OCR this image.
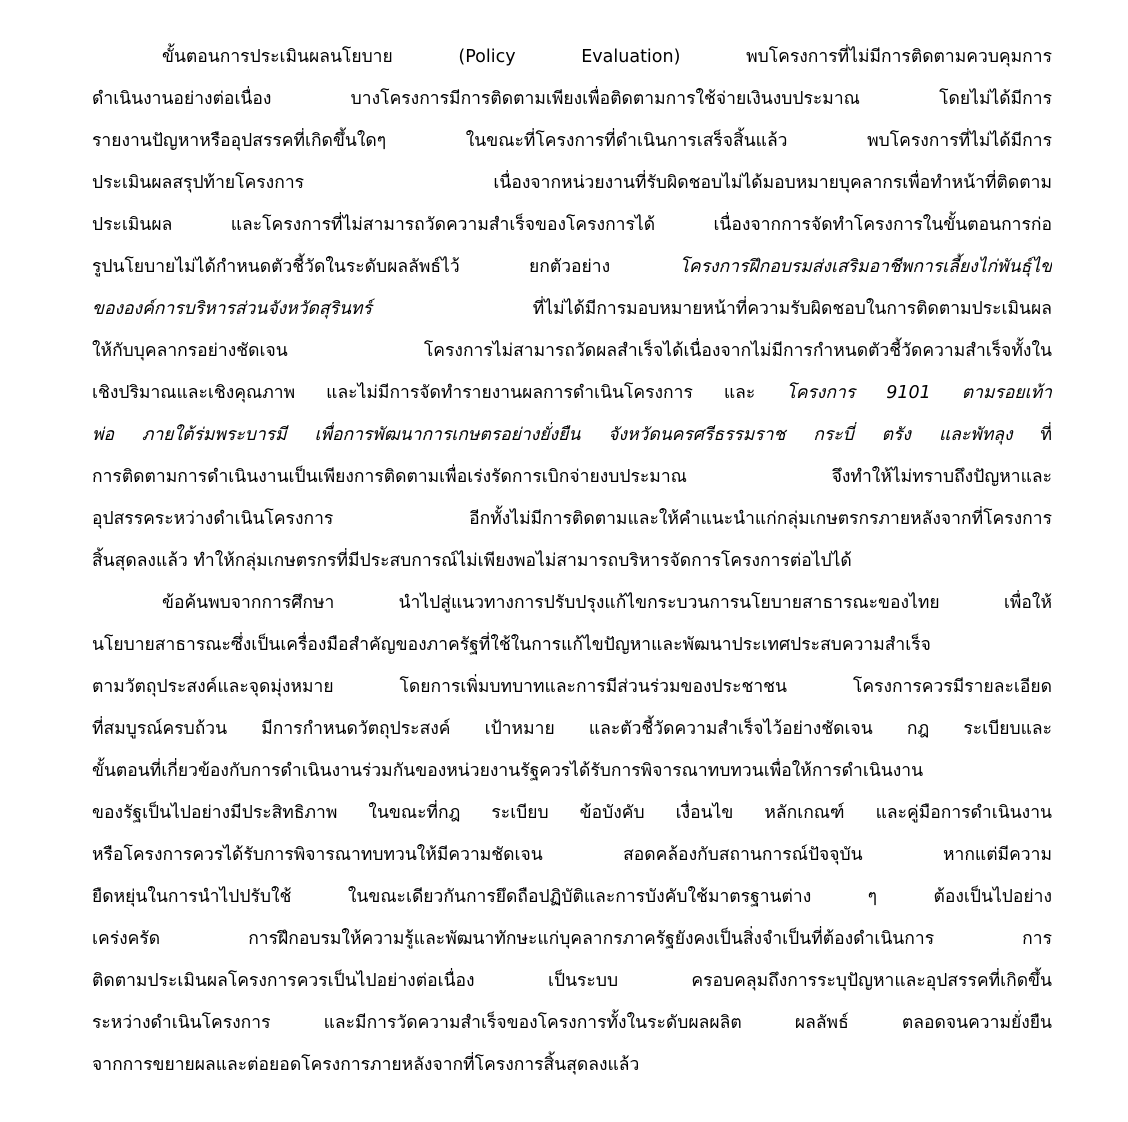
ขั้นตอนการประเมินผลนโยบาย (Policy Evaluation) พบโครงการที่ไม่มีการติดตามควบคุมการ
ดำเนินงานอย่างต่อเนื่อง บางโครงการมีการติดตามเพียงเพื่อติดตามการใช้จ่ายเงินงบประมาณ โดยไม่ได้มีการ
รายงานปัญหาหรืออุปสรรคที่เกิดขึ้นใดๆ ในขณะที่โครงการที่ดำเนินการเสร็จสิ้นแล้ว พบโครงการที่ไม่ได้มีการ
ประเมินผลสรุปท้ายโครงการ เนื่องจากหน่วยงานที่รับผิดชอบไม่ได้มอบหมายบุคลากรเพื่อทำหน้าที่ติดตาม
ประเมินผล และโครงการที่ไม่สามารถวัดความสำเร็จของโครงการได้ เนื่องจากการจัดทำโครงการในขั้นตอนการก่อ
รูปนโยบายไม่ได้กำหนดตัวชี้วัดในระดับผลลัพธ์ไว้ ยกตัวอย่าง โครงการฝึกอบรมส่งเสริมอาชีพการเลี้ยงไก่พันธุ์ไข่
ขององค์การบริหารส่วนจังหวัดสุรินทร์ ที่ไม่ได้มีการมอบหมายหน้าที่ความรับผิดชอบในการติดตามประเมินผล
ให้กับบุคลากรอย่างชัดเจน โครงการไม่สามารถวัดผลสำเร็จได้เนื่องจากไม่มีการกำหนดตัวชี้วัดความสำเร็จทั้งใน
เชิงปริมาณและเชิงคุณภาพ และไม่มีการจัดทำรายงานผลการดำเนินโครงการ และ โครงการ 9101 ตามรอยเท้า
พ่อ ภายใต้ร่มพระบารมี เพื่อการพัฒนาการเกษตรอย่างยั่งยืน จังหวัดนครศรีธรรมราช กระบี่ ตรัง และพัทลุง ที่
การติดตามการดำเนินงานเป็นเพียงการติดตามเพื่อเร่งรัดการเบิกจ่ายงบประมาณ จึงทำให้ไม่ทราบถึงปัญหาและ
อุปสรรคระหว่างดำเนินโครงการ อีกทั้งไม่มีการติดตามและให้คำแนะนำแก่กลุ่มเกษตรกรภายหลังจากที่โครงการ
สิ้นสุดลงแล้ว ทำให้กลุ่มเกษตรกรที่มีประสบการณ์ไม่เพียงพอไม่สามารถบริหารจัดการโครงการต่อไปได้
ข้อค้นพบจากการศึกษา นำไปสู่แนวทางการปรับปรุงแก้ไขกระบวนการนโยบายสาธารณะของไทย เพื่อให้
นโยบายสาธารณะซึ่งเป็นเครื่องมือสำคัญของภาครัฐที่ใช้ในการแก้ไขปัญหาและพัฒนาประเทศประสบความสำเร็จ
ตามวัตถุประสงค์และจุดมุ่งหมาย โดยการเพิ่มบทบาทและการมีส่วนร่วมของประชาชน โครงการควรมีรายละเอียด
ที่สมบูรณ์ครบถ้วน มีการกำหนดวัตถุประสงค์ เป้าหมาย และตัวชี้วัดความสำเร็จไว้อย่างชัดเจน กฎ ระเบียบและ
ขั้นตอนที่เกี่ยวข้องกับการดำเนินงานร่วมกันของหน่วยงานรัฐควรได้รับการพิจารณาทบทวนเพื่อให้การดำเนินงาน
ของรัฐเป็นไปอย่างมีประสิทธิภาพ ในขณะที่กฎ ระเบียบ ข้อบังคับ เงื่อนไข หลักเกณฑ์ และคู่มือการดำเนินงาน
หรือโครงการควรได้รับการพิจารณาทบทวนให้มีความชัดเจน สอดคล้องกับสถานการณ์ปัจจุบัน หากแต่มีความ
ยืดหยุ่นในการนำไปปรับใช้ ในขณะเดียวกันการยึดถือปฏิบัติและการบังคับใช้มาตรฐานต่าง ๆ ต้องเป็นไปอย่าง
เคร่งครัด การฝึกอบรมให้ความรู้และพัฒนาทักษะแก่บุคลากรภาครัฐยังคงเป็นสิ่งจำเป็นที่ต้องดำเนินการ การ
ติดตามประเมินผลโครงการควรเป็นไปอย่างต่อเนื่อง เป็นระบบ ครอบคลุมถึงการระบุปัญหาและอุปสรรคที่เกิดขึ้น
ระหว่างดำเนินโครงการ และมีการวัดความสำเร็จของโครงการทั้งในระดับผลผลิต ผลลัพธ์ ตลอดจนความยั่งยืน
จากการขยายผลและต่อยอดโครงการภายหลังจากที่โครงการสิ้นสุดลงแล้ว
